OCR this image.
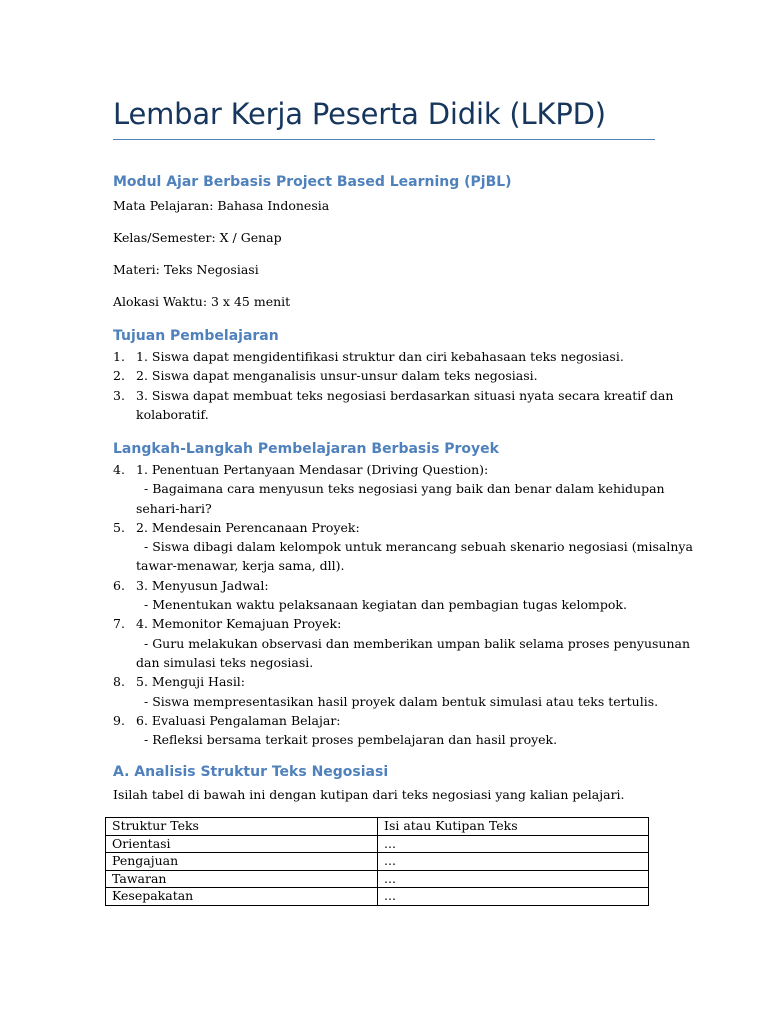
Lembar Kerja Peserta Didik (LKPD)
Modul Ajar Berbasis Project Based Learning (PjBL)
Mata Pelajaran: Bahasa Indonesia
Kelas/Semester: X / Genap
Materi: Teks Negosiasi
Alokasi Waktu: 3 x 45 menit
Tujuan Pembelajaran
1. 1. Siswa dapat mengidentifikasi struktur dan ciri kebahasaan teks negosiasi.
2. 2. Siswa dapat menganalisis unsur-unsur dalam teks negosiasi.
3. 3. Siswa dapat membuat teks negosiasi berdasarkan situasi nyata secara kreatif dan
kolaboratif.
Langkah-Langkah Pembelajaran Berbasis Proyek
4. 1. Penentuan Pertanyaan Mendasar (Driving Question):
- Bagaimana cara menyusun teks negosiasi yang baik dan benar dalam kehidupan
sehari-hari?
5. 2. Mendesain Perencanaan Proyek:
- Siswa dibagi dalam kelompok untuk merancang sebuah skenario negosiasi (misalnya
tawar-menawar, kerja sama, dll).
6. 3. Menyusun Jadwal:
- Menentukan waktu pelaksanaan kegiatan dan pembagian tugas kelompok.
7. 4. Memonitor Kemajuan Proyek:
- Guru melakukan observasi dan memberikan umpan balik selama proses penyusunan
dan simulasi teks negosiasi.
8. 5. Menguji Hasil:
- Siswa mempresentasikan hasil proyek dalam bentuk simulasi atau teks tertulis.
9. 6. Evaluasi Pengalaman Belajar:
- Refleksi bersama terkait proses pembelajaran dan hasil proyek.
A. Analisis Struktur Teks Negosiasi
Isilah tabel di bawah ini dengan kutipan dari teks negosiasi yang kalian pelajari.
Struktur Teks	Isi atau Kutipan Teks
Orientasi	...
Pengajuan	...
Tawaran	...
Kesepakatan	...
